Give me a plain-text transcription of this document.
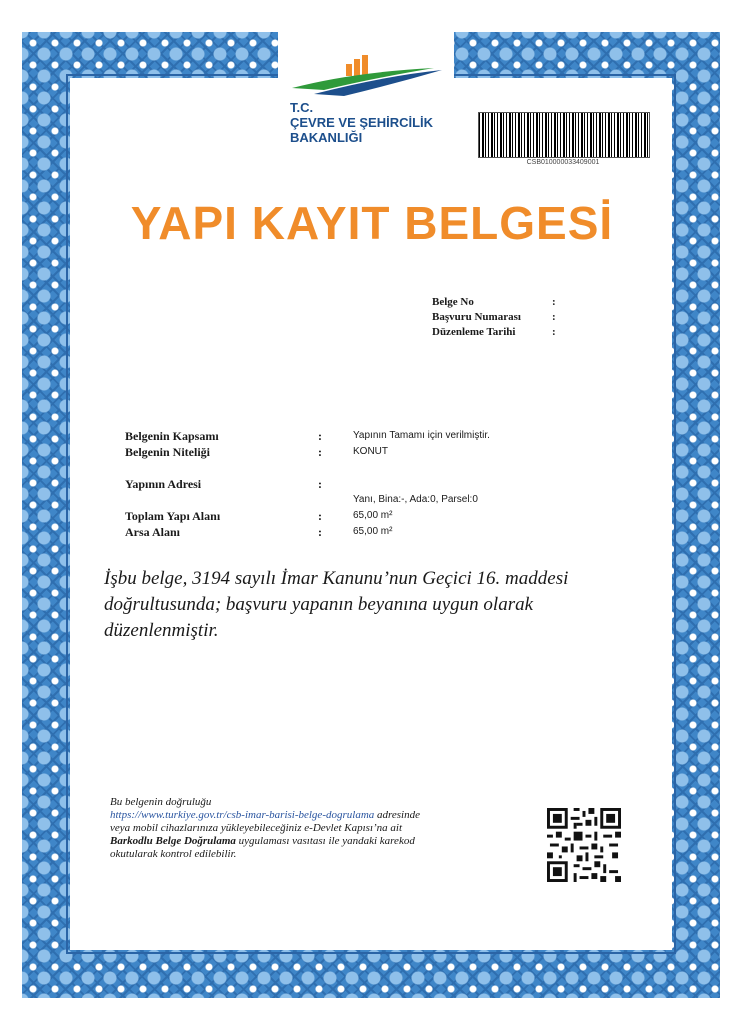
T.C.
ÇEVRE VE ŞEHİRCİLİK
BAKANLIĞI
CSB010000033409001
YAPI KAYIT BELGESİ
Belge No	:
Başvuru Numarası	:
Düzenleme Tarihi	:
Belgenin Kapsamı	:	Yapının Tamamı için verilmiştir.
Belgenin Niteliği	:	KONUT
Yapının Adresi	:
Yanı, Bina:-, Ada:0, Parsel:0
Toplam Yapı Alanı	:	65,00 m²
Arsa Alanı	:	65,00 m²
İşbu belge, 3194 sayılı İmar Kanunu’nun Geçici 16. maddesi doğrultusunda; başvuru yapanın beyanına uygun olarak düzenlenmiştir.
Bu belgenin doğruluğu
https://www.turkiye.gov.tr/csb-imar-barisi-belge-dogrulama adresinde
veya mobil cihazlarınıza yükleyebileceğiniz e-Devlet Kapısı’na ait
Barkodlu Belge Doğrulama uygulaması vasıtası ile yandaki karekod
okutularak kontrol edilebilir.
